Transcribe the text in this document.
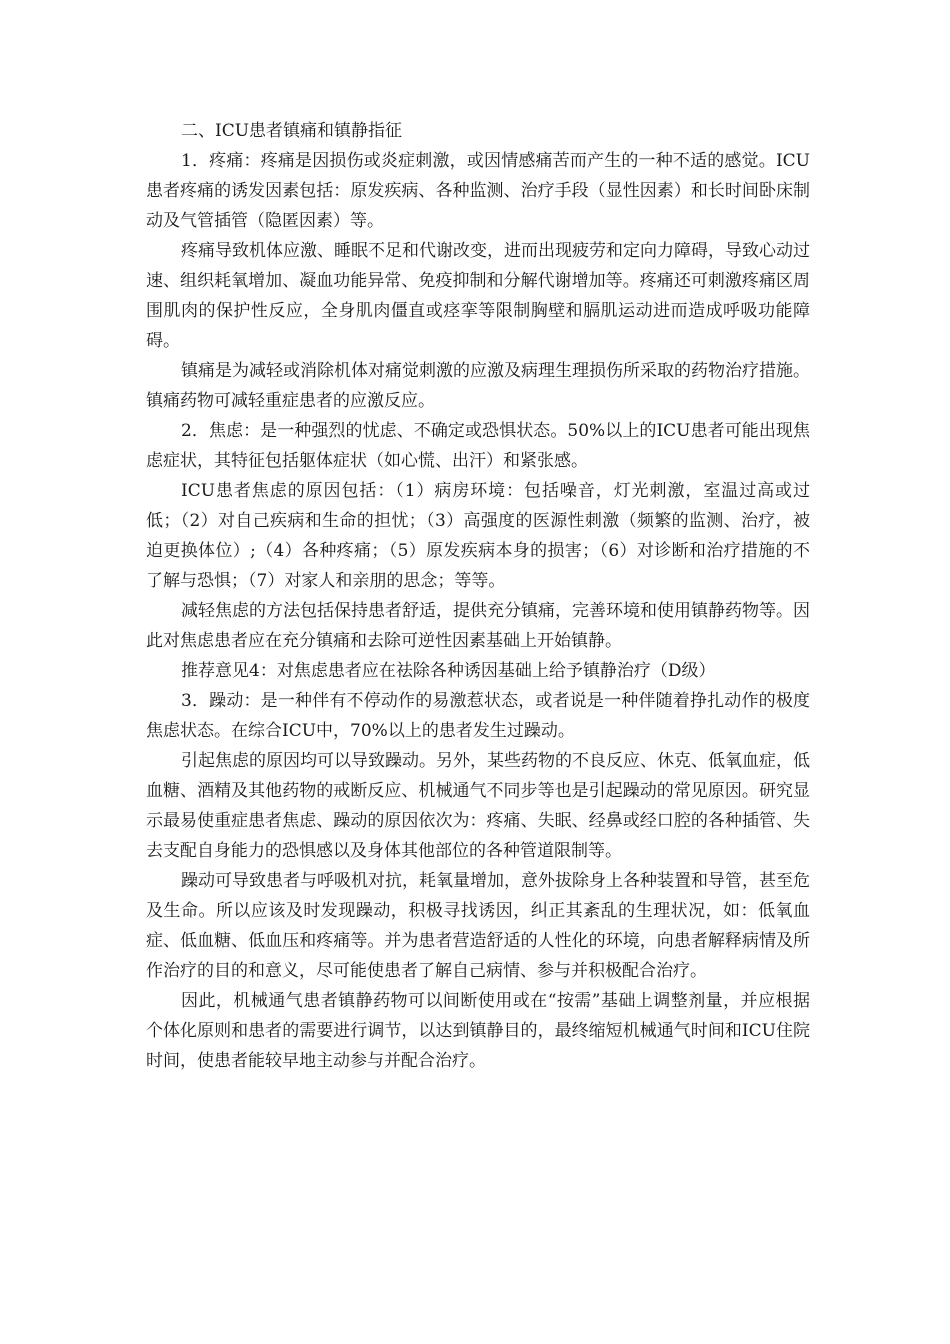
二、ICU患者镇痛和镇静指征

1．疼痛：疼痛是因损伤或炎症刺激，或因情感痛苦而产生的一种不适的感觉。ICU患者疼痛的诱发因素包括：原发疾病、各种监测、治疗手段（显性因素）和长时间卧床制动及气管插管（隐匿因素）等。

疼痛导致机体应激、睡眠不足和代谢改变，进而出现疲劳和定向力障碍，导致心动过速、组织耗氧增加、凝血功能异常、免疫抑制和分解代谢增加等。疼痛还可刺激疼痛区周围肌肉的保护性反应，全身肌肉僵直或痉挛等限制胸壁和膈肌运动进而造成呼吸功能障碍。

镇痛是为减轻或消除机体对痛觉刺激的应激及病理生理损伤所采取的药物治疗措施。镇痛药物可减轻重症患者的应激反应。

2．焦虑：是一种强烈的忧虑、不确定或恐惧状态。50%以上的ICU患者可能出现焦虑症状，其特征包括躯体症状（如心慌、出汗）和紧张感。

ICU患者焦虑的原因包括：（1）病房环境：包括噪音，灯光刺激，室温过高或过低；（2）对自己疾病和生命的担忧；（3）高强度的医源性刺激（频繁的监测、治疗，被迫更换体位）;（4）各种疼痛；（5）原发疾病本身的损害；（6）对诊断和治疗措施的不了解与恐惧；（7）对家人和亲朋的思念；等等。

减轻焦虑的方法包括保持患者舒适，提供充分镇痛，完善环境和使用镇静药物等。因此对焦虑患者应在充分镇痛和去除可逆性因素基础上开始镇静。

推荐意见4：对焦虑患者应在祛除各种诱因基础上给予镇静治疗（D级）

3．躁动：是一种伴有不停动作的易激惹状态，或者说是一种伴随着挣扎动作的极度焦虑状态。在综合ICU中，70%以上的患者发生过躁动。

引起焦虑的原因均可以导致躁动。另外，某些药物的不良反应、休克、低氧血症，低血糖、酒精及其他药物的戒断反应、机械通气不同步等也是引起躁动的常见原因。研究显示最易使重症患者焦虑、躁动的原因依次为：疼痛、失眠、经鼻或经口腔的各种插管、失去支配自身能力的恐惧感以及身体其他部位的各种管道限制等。

躁动可导致患者与呼吸机对抗，耗氧量增加，意外拔除身上各种装置和导管，甚至危及生命。所以应该及时发现躁动，积极寻找诱因，纠正其紊乱的生理状况，如：低氧血症、低血糖、低血压和疼痛等。并为患者营造舒适的人性化的环境，向患者解释病情及所作治疗的目的和意义，尽可能使患者了解自己病情、参与并积极配合治疗。

因此，机械通气患者镇静药物可以间断使用或在“按需”基础上调整剂量，并应根据个体化原则和患者的需要进行调节，以达到镇静目的，最终缩短机械通气时间和ICU住院时间，使患者能较早地主动参与并配合治疗。
